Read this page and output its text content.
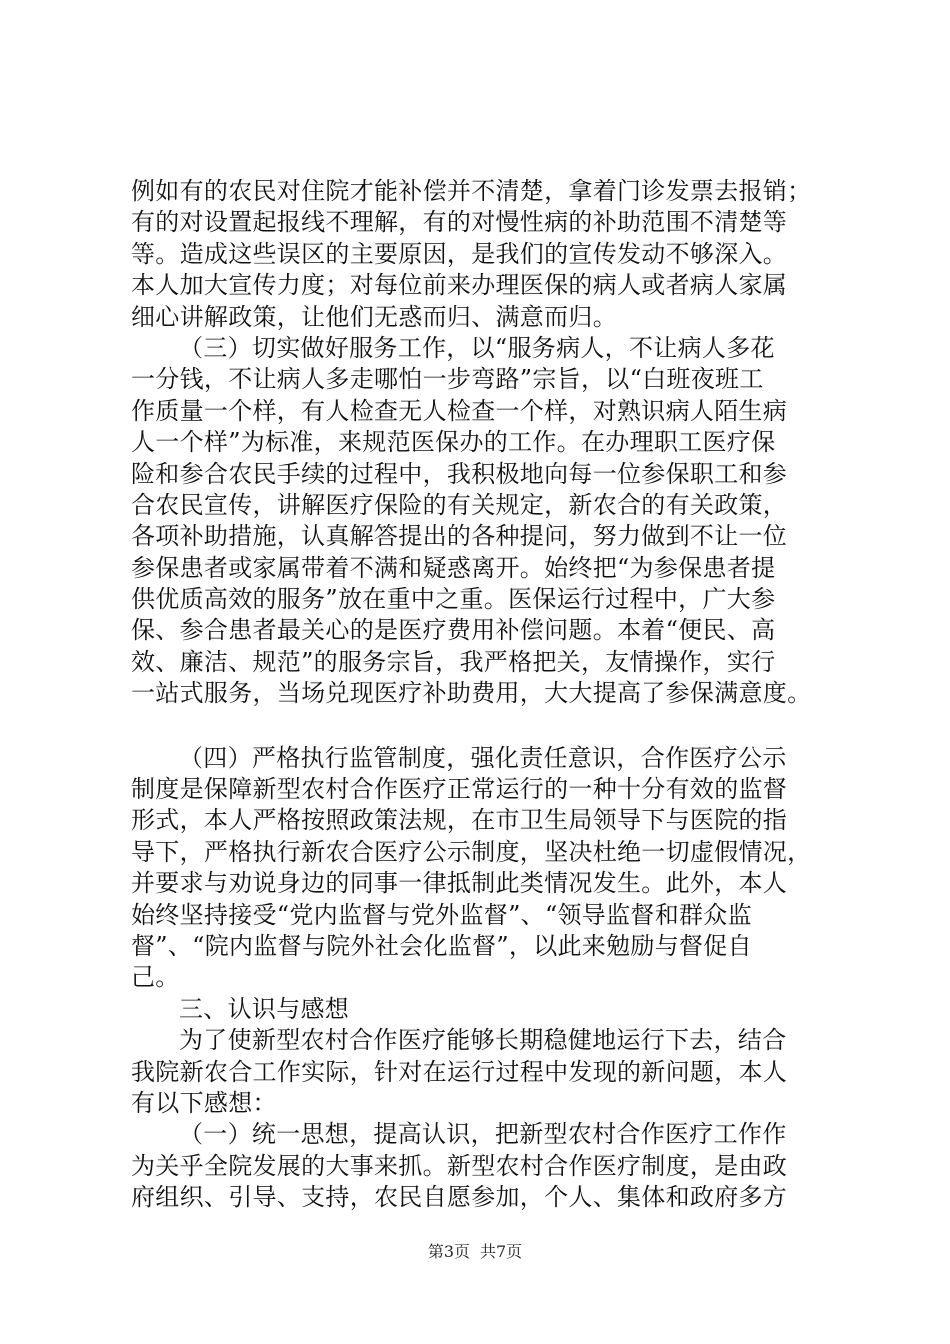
例如有的农民对住院才能补偿并不清楚，拿着门诊发票去报销；
有的对设置起报线不理解，有的对慢性病的补助范围不清楚等
等。造成这些误区的主要原因，是我们的宣传发动不够深入。
本人加大宣传力度；对每位前来办理医保的病人或者病人家属
细心讲解政策，让他们无惑而归、满意而归。
（三）切实做好服务工作，以“服务病人，不让病人多花
一分钱，不让病人多走哪怕一步弯路”宗旨，以“白班夜班工
作质量一个样，有人检查无人检查一个样，对熟识病人陌生病
人一个样”为标准，来规范医保办的工作。在办理职工医疗保
险和参合农民手续的过程中，我积极地向每一位参保职工和参
合农民宣传，讲解医疗保险的有关规定，新农合的有关政策，
各项补助措施，认真解答提出的各种提问，努力做到不让一位
参保患者或家属带着不满和疑惑离开。始终把“为参保患者提
供优质高效的服务”放在重中之重。医保运行过程中，广大参
保、参合患者最关心的是医疗费用补偿问题。本着“便民、高
效、廉洁、规范”的服务宗旨，我严格把关，友情操作，实行
一站式服务，当场兑现医疗补助费用，大大提高了参保满意度。
（四）严格执行监管制度，强化责任意识，合作医疗公示
制度是保障新型农村合作医疗正常运行的一种十分有效的监督
形式，本人严格按照政策法规，在市卫生局领导下与医院的指
导下，严格执行新农合医疗公示制度，坚决杜绝一切虚假情况，
并要求与劝说身边的同事一律抵制此类情况发生。此外，本人
始终坚持接受“党内监督与党外监督”、“领导监督和群众监
督”、“院内监督与院外社会化监督”，以此来勉励与督促自
己。
三、认识与感想
为了使新型农村合作医疗能够长期稳健地运行下去，结合
我院新农合工作实际，针对在运行过程中发现的新问题，本人
有以下感想：
（一）统一思想，提高认识，把新型农村合作医疗工作作
为关乎全院发展的大事来抓。新型农村合作医疗制度，是由政
府组织、引导、支持，农民自愿参加，个人、集体和政府多方
第3页 共7页
